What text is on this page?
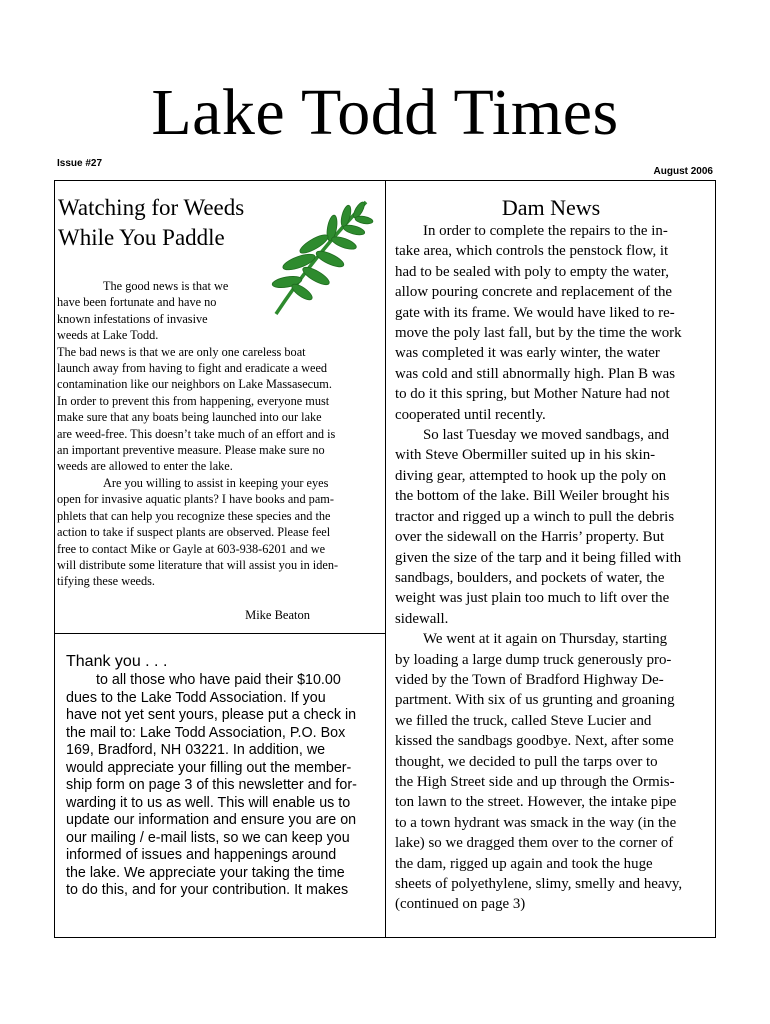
Lake Todd Times
Issue #27
August 2006
Watching for Weeds
While You Paddle
The good news is that we
have been fortunate and have no
known infestations of invasive
weeds at Lake Todd.
The bad news is that we are only one careless boat
launch away from having to fight and eradicate a weed
contamination like our neighbors on Lake Massasecum.
In order to prevent this from happening, everyone must
make sure that any boats being launched into our lake
are weed-free. This doesn’t take much of an effort and is
an important preventive measure. Please make sure no
weeds are allowed to enter the lake.
Are you willing to assist in keeping your eyes
open for invasive aquatic plants? I have books and pam-
phlets that can help you recognize these species and the
action to take if suspect plants are observed. Please feel
free to contact Mike or Gayle at 603-938-6201 and we
will distribute some literature that will assist you in iden-
tifying these weeds.
Mike Beaton
Thank you . . .
to all those who have paid their $10.00
dues to the Lake Todd Association. If you
have not yet sent yours, please put a check in
the mail to: Lake Todd Association, P.O. Box
169, Bradford, NH 03221. In addition, we
would appreciate your filling out the member-
ship form on page 3 of this newsletter and for-
warding it to us as well. This will enable us to
update our information and ensure you are on
our mailing / e-mail lists, so we can keep you
informed of issues and happenings around
the lake. We appreciate your taking the time
to do this, and for your contribution. It makes
Dam News
In order to complete the repairs to the in-
take area, which controls the penstock flow, it
had to be sealed with poly to empty the water,
allow pouring concrete and replacement of the
gate with its frame. We would have liked to re-
move the poly last fall, but by the time the work
was completed it was early winter, the water
was cold and still abnormally high. Plan B was
to do it this spring, but Mother Nature had not
cooperated until recently.
So last Tuesday we moved sandbags, and
with Steve Obermiller suited up in his skin-
diving gear, attempted to hook up the poly on
the bottom of the lake. Bill Weiler brought his
tractor and rigged up a winch to pull the debris
over the sidewall on the Harris’ property. But
given the size of the tarp and it being filled with
sandbags, boulders, and pockets of water, the
weight was just plain too much to lift over the
sidewall.
We went at it again on Thursday, starting
by loading a large dump truck generously pro-
vided by the Town of Bradford Highway De-
partment. With six of us grunting and groaning
we filled the truck, called Steve Lucier and
kissed the sandbags goodbye. Next, after some
thought, we decided to pull the tarps over to
the High Street side and up through the Ormis-
ton lawn to the street. However, the intake pipe
to a town hydrant was smack in the way (in the
lake) so we dragged them over to the corner of
the dam, rigged up again and took the huge
sheets of polyethylene, slimy, smelly and heavy,
(continued on page 3)
